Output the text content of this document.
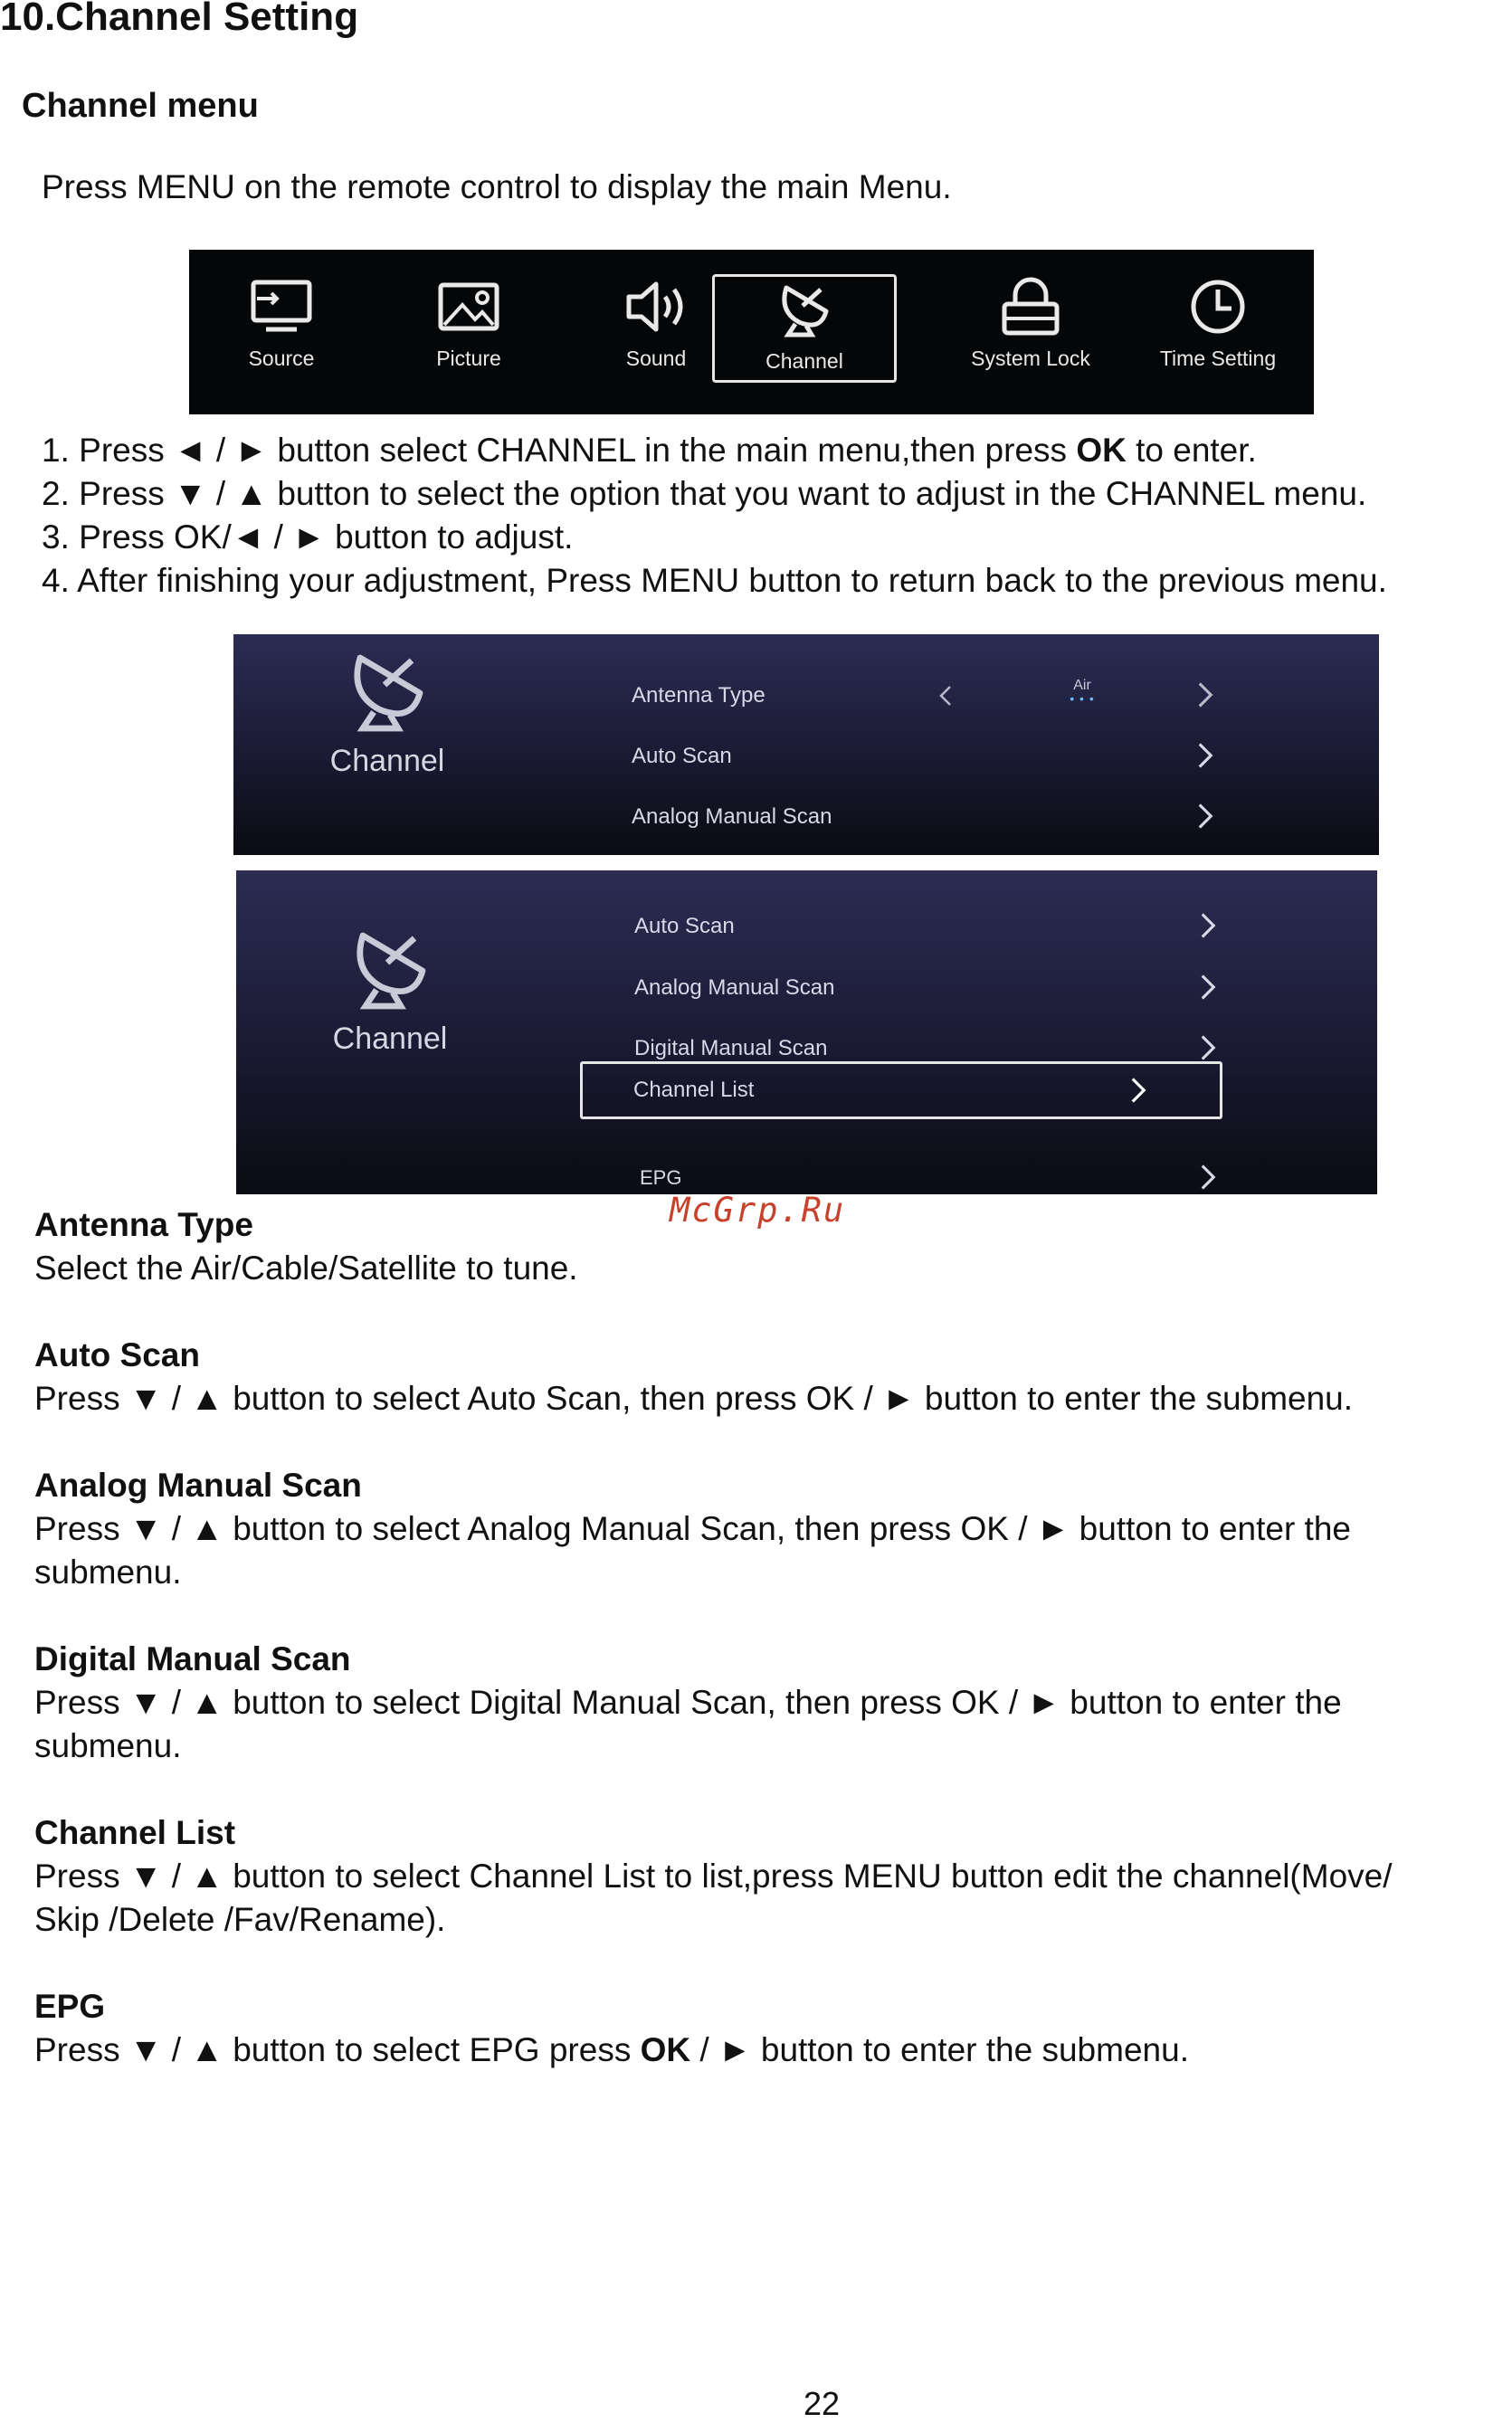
10.Channel Setting
Channel menu
Press MENU on the remote control to display the main Menu.
Source	Picture	Sound	Channel	System Lock	Time Setting
1. Press ◄ / ► button select CHANNEL in the main menu,then press OK to enter.
2. Press ▼ / ▲ button to select the option that you want to adjust in the CHANNEL menu.
3. Press OK/◄ / ► button to adjust.
4. After finishing your adjustment, Press MENU button to return back to the previous menu.
Channel
Antenna Type	Air
• • •
Auto Scan
Analog Manual Scan
Channel
Auto Scan
Analog Manual Scan
Digital Manual Scan
Channel List
EPG
McGrp.Ru
Antenna Type
Select the Air/Cable/Satellite to tune.
Auto Scan
Press ▼ / ▲ button to select Auto Scan, then press OK / ► button to enter the submenu.
Analog Manual Scan
Press ▼ / ▲ button to select Analog Manual Scan, then press OK / ► button to enter the
submenu.
Digital Manual Scan
Press ▼ / ▲ button to select Digital Manual Scan, then press OK / ► button to enter the
submenu.
Channel List
Press ▼ / ▲ button to select Channel List to list,press MENU button edit the channel(Move/
Skip /Delete /Fav/Rename).
EPG
Press ▼ / ▲ button to select EPG press OK / ► button to enter the submenu.
22
